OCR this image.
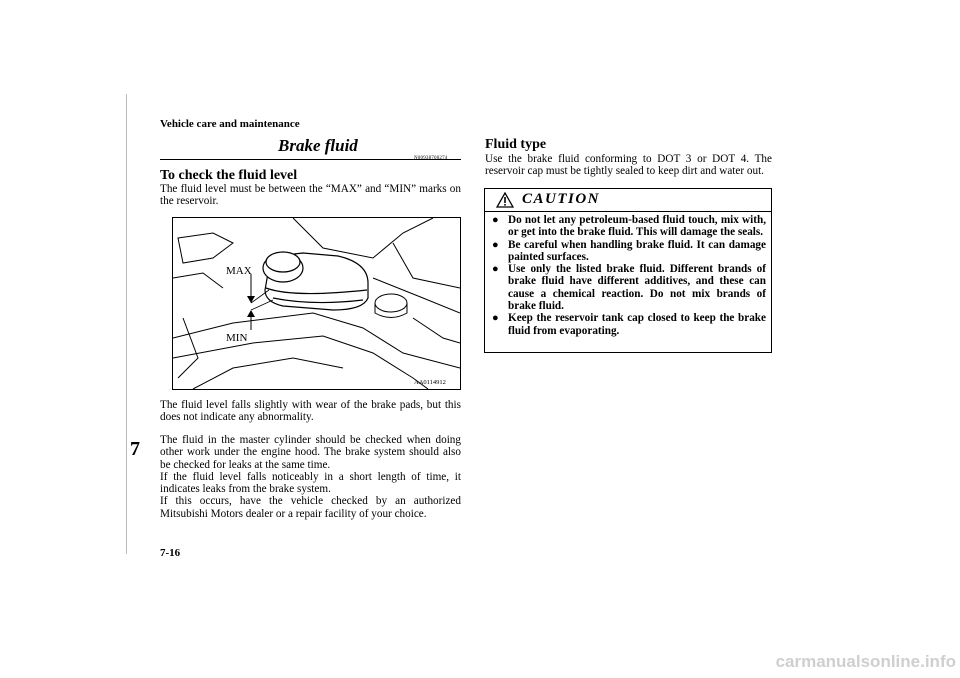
Vehicle care and maintenance
Brake fluid
To check the fluid level
The fluid level must be between the “MAX” and “MIN” marks on the reservoir.
MAX
MIN
AA0114912
The fluid level falls slightly with wear of the brake pads, but this does not indicate any abnormality.
The fluid in the master cylinder should be checked when doing other work under the engine hood. The brake system should also be checked for leaks at the same time.
If the fluid level falls noticeably in a short length of time, it indicates leaks from the brake system.
If this occurs, have the vehicle checked by an authorized Mitsubishi Motors dealer or a repair facility of your choice.
Fluid type
Use the brake fluid conforming to DOT 3 or DOT 4. The reservoir cap must be tightly sealed to keep dirt and water out.
CAUTION
● Do not let any petroleum-based fluid touch, mix with, or get into the brake fluid. This will damage the seals.
● Be careful when handling brake fluid. It can damage painted surfaces.
● Use only the listed brake fluid. Different brands of brake fluid have different additives, and these can cause a chemical reaction. Do not mix brands of brake fluid.
● Keep the reservoir tank cap closed to keep the brake fluid from evaporating.
7
7-16
carmanualsonline.info
